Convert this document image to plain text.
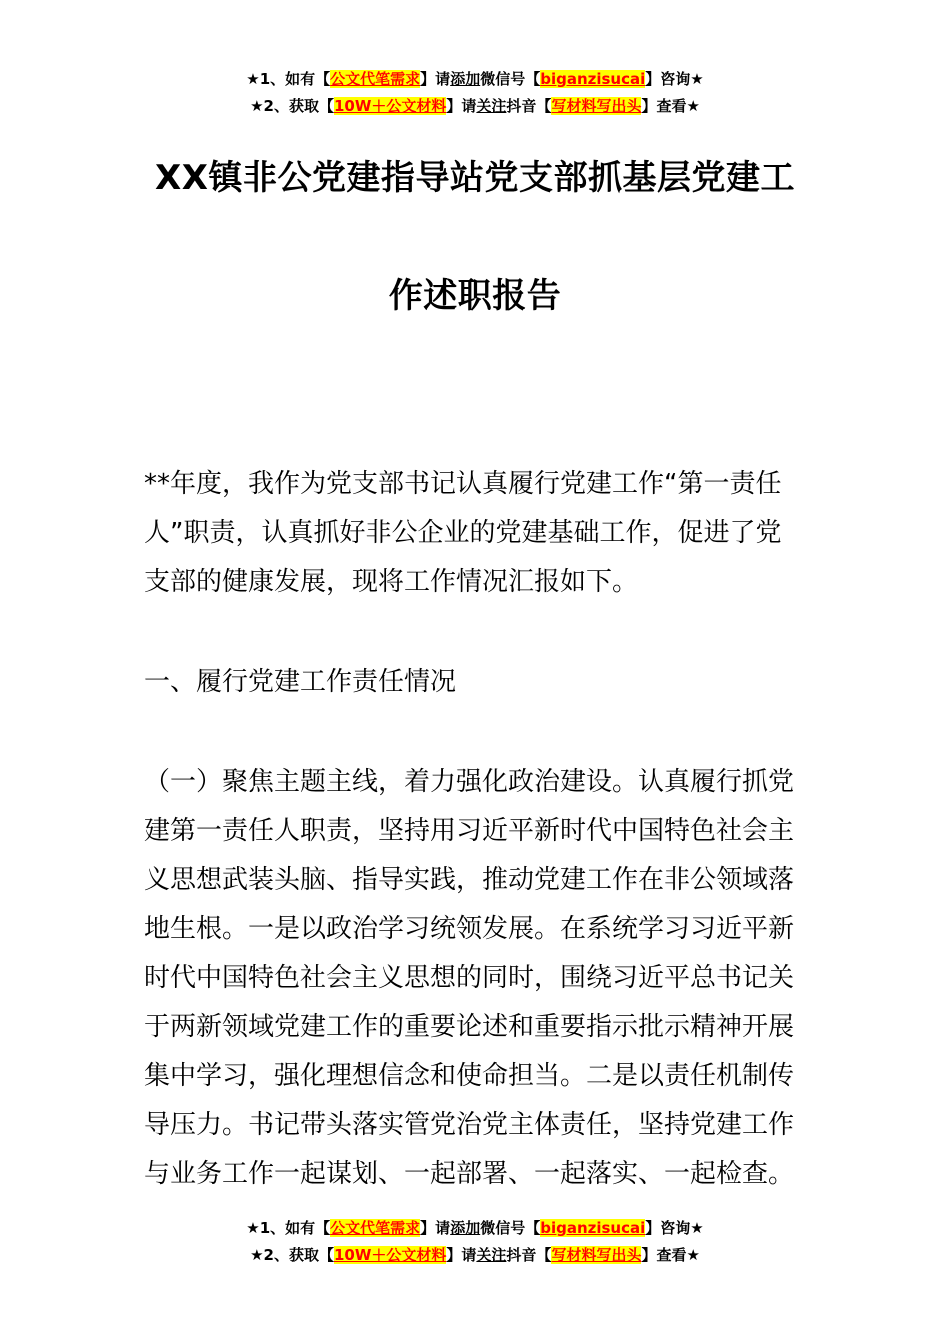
★1、如有【公文代笔需求】请添加微信号【biganzisucai】咨询★
★2、获取【10W＋公文材料】请关注抖音【写材料写出头】查看★
XX镇非公党建指导站党支部抓基层党建工
作述职报告
**年度，我作为党支部书记认真履行党建工作“第一责任
人”职责，认真抓好非公企业的党建基础工作，促进了党
支部的健康发展，现将工作情况汇报如下。
一、履行党建工作责任情况
（一）聚焦主题主线，着力强化政治建设。认真履行抓党
建第一责任人职责，坚持用习近平新时代中国特色社会主
义思想武装头脑、指导实践，推动党建工作在非公领域落
地生根。一是以政治学习统领发展。在系统学习习近平新
时代中国特色社会主义思想的同时，围绕习近平总书记关
于两新领域党建工作的重要论述和重要指示批示精神开展
集中学习，强化理想信念和使命担当。二是以责任机制传
导压力。书记带头落实管党治党主体责任，坚持党建工作
与业务工作一起谋划、一起部署、一起落实、一起检查。
★1、如有【公文代笔需求】请添加微信号【biganzisucai】咨询★
★2、获取【10W＋公文材料】请关注抖音【写材料写出头】查看★
